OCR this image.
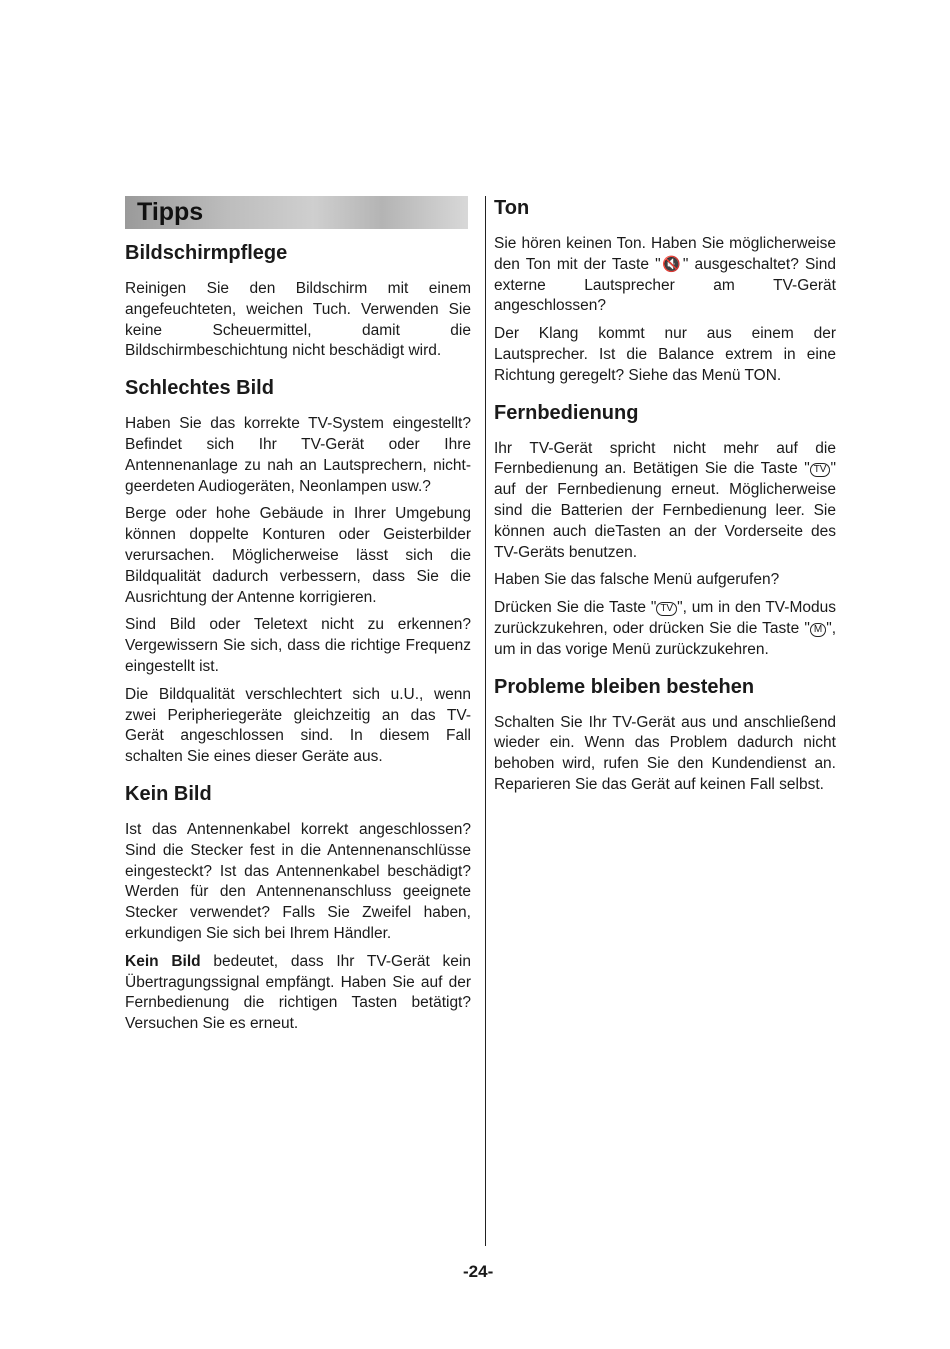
Tipps
Bildschirmpflege

Reinigen Sie den Bildschirm mit einem angefeuchteten, weichen Tuch. Verwenden Sie keine Scheuermittel, damit die Bildschirmbeschichtung nicht beschädigt wird.

Schlechtes Bild

Haben Sie das korrekte TV-System eingestellt? Befindet sich Ihr TV-Gerät oder Ihre Antennenanlage zu nah an Lautsprechern, nicht-geerdeten Audiogeräten, Neonlampen usw.?

Berge oder hohe Gebäude in Ihrer Umgebung können doppelte Konturen oder Geisterbilder verursachen. Möglicherweise lässt sich die Bildqualität dadurch verbessern, dass Sie die Ausrichtung der Antenne korrigieren.

Sind Bild oder Teletext nicht zu erkennen? Vergewissern Sie sich, dass die richtige Frequenz eingestellt ist.

Die Bildqualität verschlechtert sich u.U., wenn zwei Peripheriegeräte gleichzeitig an das TV-Gerät angeschlossen sind. In diesem Fall schalten Sie eines dieser Geräte aus.

Kein Bild

Ist das Antennenkabel korrekt angeschlossen? Sind die Stecker fest in die Antennenanschlüsse eingesteckt? Ist das Antennenkabel beschädigt? Werden für den Antennenanschluss geeignete Stecker verwendet? Falls Sie Zweifel haben, erkundigen Sie sich bei Ihrem Händler.

Kein Bild bedeutet, dass Ihr TV-Gerät kein Übertragungssignal empfängt. Haben Sie auf der Fernbedienung die richtigen Tasten betätigt? Versuchen Sie es erneut.

Ton

Sie hören keinen Ton. Haben Sie möglicherweise den Ton mit der Taste "🔇" ausgeschaltet? Sind externe Lautsprecher am TV-Gerät angeschlossen?

Der Klang kommt nur aus einem der Lautsprecher. Ist die Balance extrem in eine Richtung geregelt? Siehe das Menü TON.

Fernbedienung

Ihr TV-Gerät spricht nicht mehr auf die Fernbedienung an. Betätigen Sie die Taste " TV " auf der Fernbedienung erneut. Möglicherweise sind die Batterien der Fernbedienung leer. Sie können auch dieTasten an der Vorderseite des TV-Geräts benutzen.

Haben Sie das falsche Menü aufgerufen?

Drücken Sie die Taste " TV ", um in den TV-Modus zurückzukehren, oder drücken Sie die Taste " M ", um in das vorige Menü zurückzukehren.

Probleme bleiben bestehen

Schalten Sie Ihr TV-Gerät aus und anschließend wieder ein. Wenn das Problem dadurch nicht behoben wird, rufen Sie den Kundendienst an. Reparieren Sie das Gerät auf keinen Fall selbst.

-24-
